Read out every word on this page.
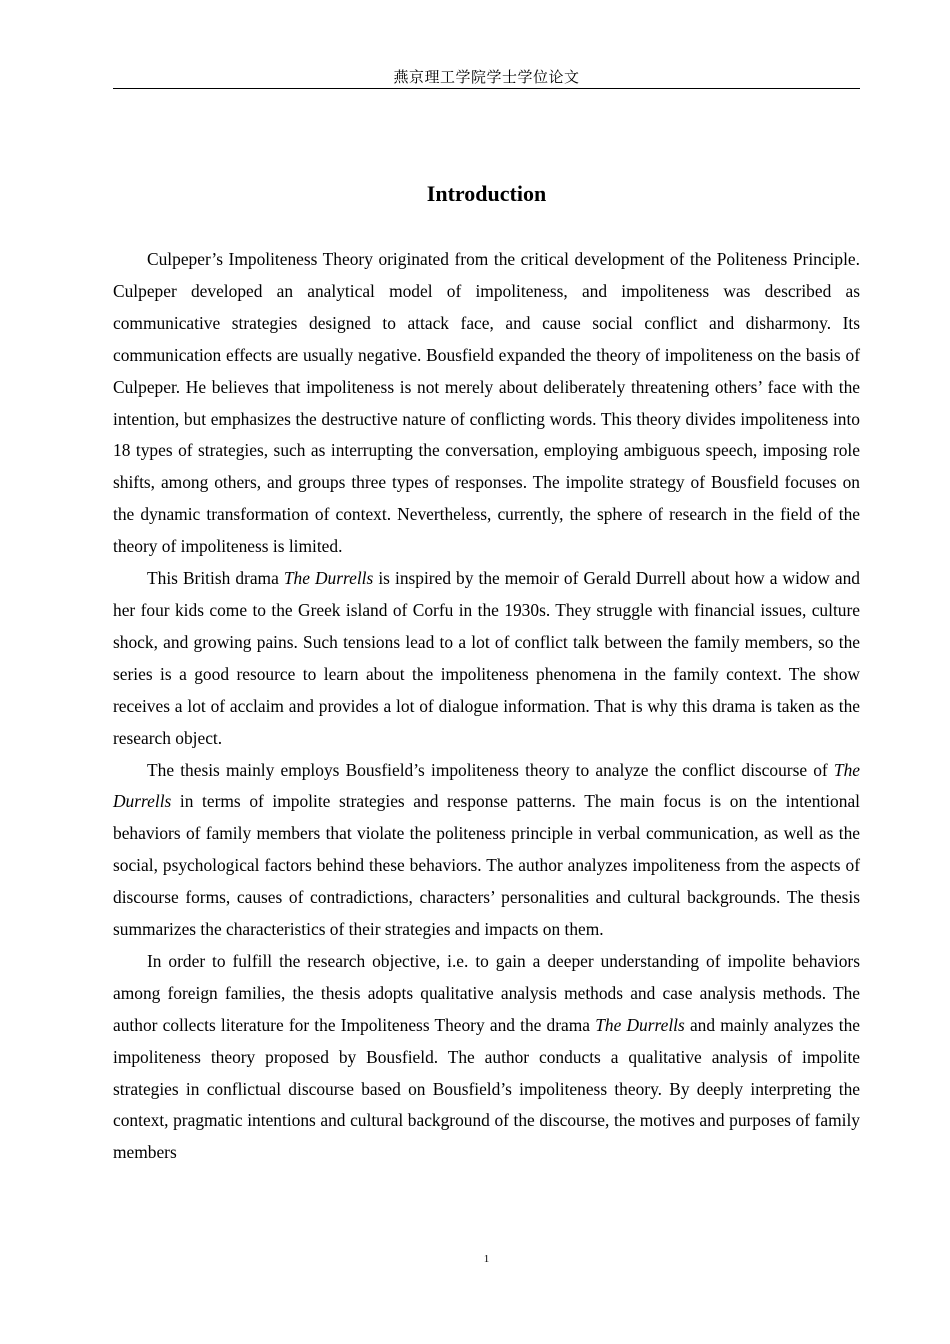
燕京理工学院学士学位论文
Introduction

Culpeper’s Impoliteness Theory originated from the critical development of the Politeness Principle. Culpeper developed an analytical model of impoliteness, and impoliteness was described as communicative strategies designed to attack face, and cause social conflict and disharmony. Its communication effects are usually negative. Bousfield expanded the theory of impoliteness on the basis of Culpeper. He believes that impoliteness is not merely about deliberately threatening others’ face with the intention, but emphasizes the destructive nature of conflicting words. This theory divides impoliteness into 18 types of strategies, such as interrupting the conversation, employing ambiguous speech, imposing role shifts, among others, and groups three types of responses. The impolite strategy of Bousfield focuses on the dynamic transformation of context. Nevertheless, currently, the sphere of research in the field of the theory of impoliteness is limited.

This British drama The Durrells is inspired by the memoir of Gerald Durrell about how a widow and her four kids come to the Greek island of Corfu in the 1930s. They struggle with financial issues, culture shock, and growing pains. Such tensions lead to a lot of conflict talk between the family members, so the series is a good resource to learn about the impoliteness phenomena in the family context. The show receives a lot of acclaim and provides a lot of dialogue information. That is why this drama is taken as the research object.

The thesis mainly employs Bousfield’s impoliteness theory to analyze the conflict discourse of The Durrells in terms of impolite strategies and response patterns. The main focus is on the intentional behaviors of family members that violate the politeness principle in verbal communication, as well as the social, psychological factors behind these behaviors. The author analyzes impoliteness from the aspects of discourse forms, causes of contradictions, characters’ personalities and cultural backgrounds. The thesis summarizes the characteristics of their strategies and impacts on them.

In order to fulfill the research objective, i.e. to gain a deeper understanding of impolite behaviors among foreign families, the thesis adopts qualitative analysis methods and case analysis methods. The author collects literature for the Impoliteness Theory and the drama The Durrells and mainly analyzes the impoliteness theory proposed by Bousfield. The author conducts a qualitative analysis of impolite strategies in conflictual discourse based on Bousfield’s impoliteness theory. By deeply interpreting the context, pragmatic intentions and cultural background of the discourse, the motives and purposes of family members

1
